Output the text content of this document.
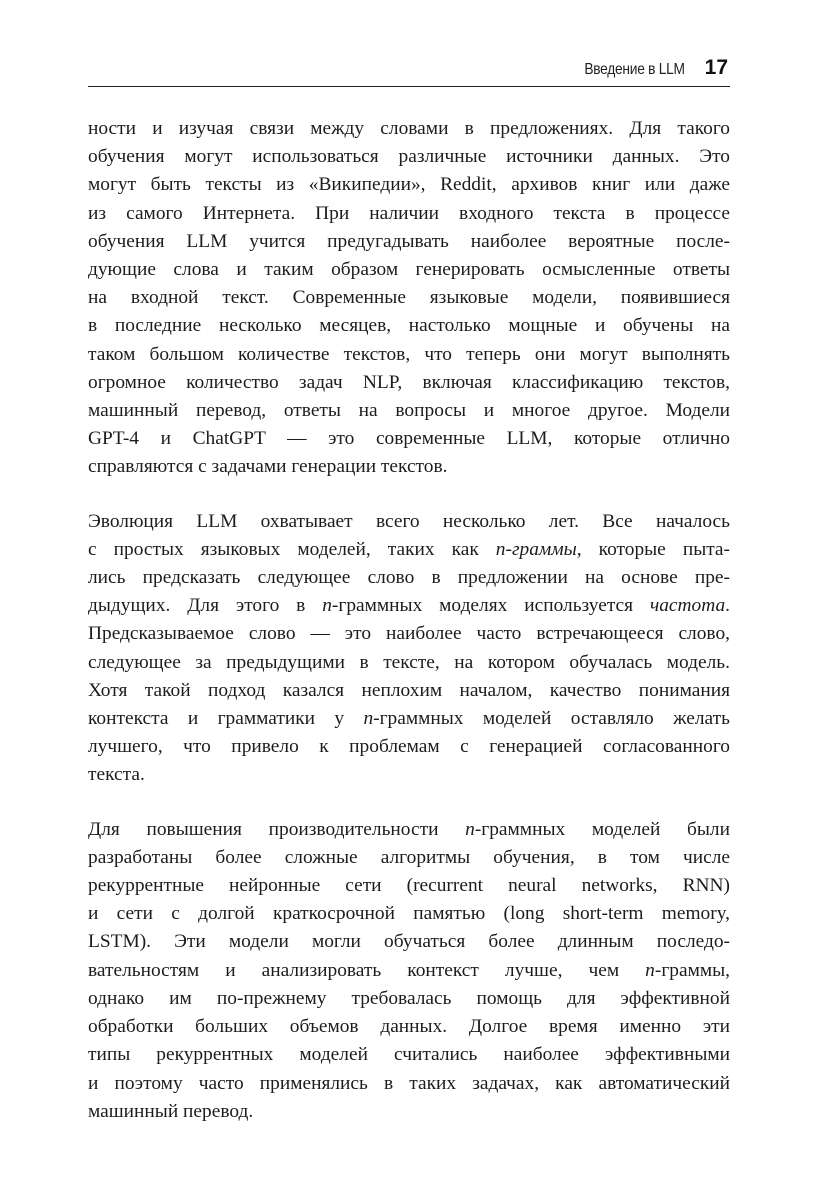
Введение в LLM 17
ности и изучая связи между словами в предложениях. Для такого
обучения могут использоваться различные источники данных. Это
могут быть тексты из «Википедии», Reddit, архивов книг или даже
из самого Интернета. При наличии входного текста в процессе
обучения LLM учится предугадывать наиболее вероятные после-
дующие слова и таким образом генерировать осмысленные ответы
на входной текст. Современные языковые модели, появившиеся
в последние несколько месяцев, настолько мощные и обучены на
таком большом количестве текстов, что теперь они могут выполнять
огромное количество задач NLP, включая классификацию текстов,
машинный перевод, ответы на вопросы и многое другое. Модели
GPT-4 и ChatGPT — это современные LLM, которые отлично
справляются с задачами генерации текстов.
Эволюция LLM охватывает всего несколько лет. Все началось
с простых языковых моделей, таких как n-граммы, которые пыта-
лись предсказать следующее слово в предложении на основе пре-
дыдущих. Для этого в n-граммных моделях используется частота.
Предсказываемое слово — это наиболее часто встречающееся слово,
следующее за предыдущими в тексте, на котором обучалась модель.
Хотя такой подход казался неплохим началом, качество понимания
контекста и грамматики у n-граммных моделей оставляло желать
лучшего, что привело к проблемам с генерацией согласованного
текста.
Для повышения производительности n-граммных моделей были
разработаны более сложные алгоритмы обучения, в том числе
рекуррентные нейронные сети (recurrent neural networks, RNN)
и сети с долгой краткосрочной памятью (long short-term memory,
LSTM). Эти модели могли обучаться более длинным последо-
вательностям и анализировать контекст лучше, чем n-граммы,
однако им по-прежнему требовалась помощь для эффективной
обработки больших объемов данных. Долгое время именно эти
типы рекуррентных моделей считались наиболее эффективными
и поэтому часто применялись в таких задачах, как автоматический
машинный перевод.
